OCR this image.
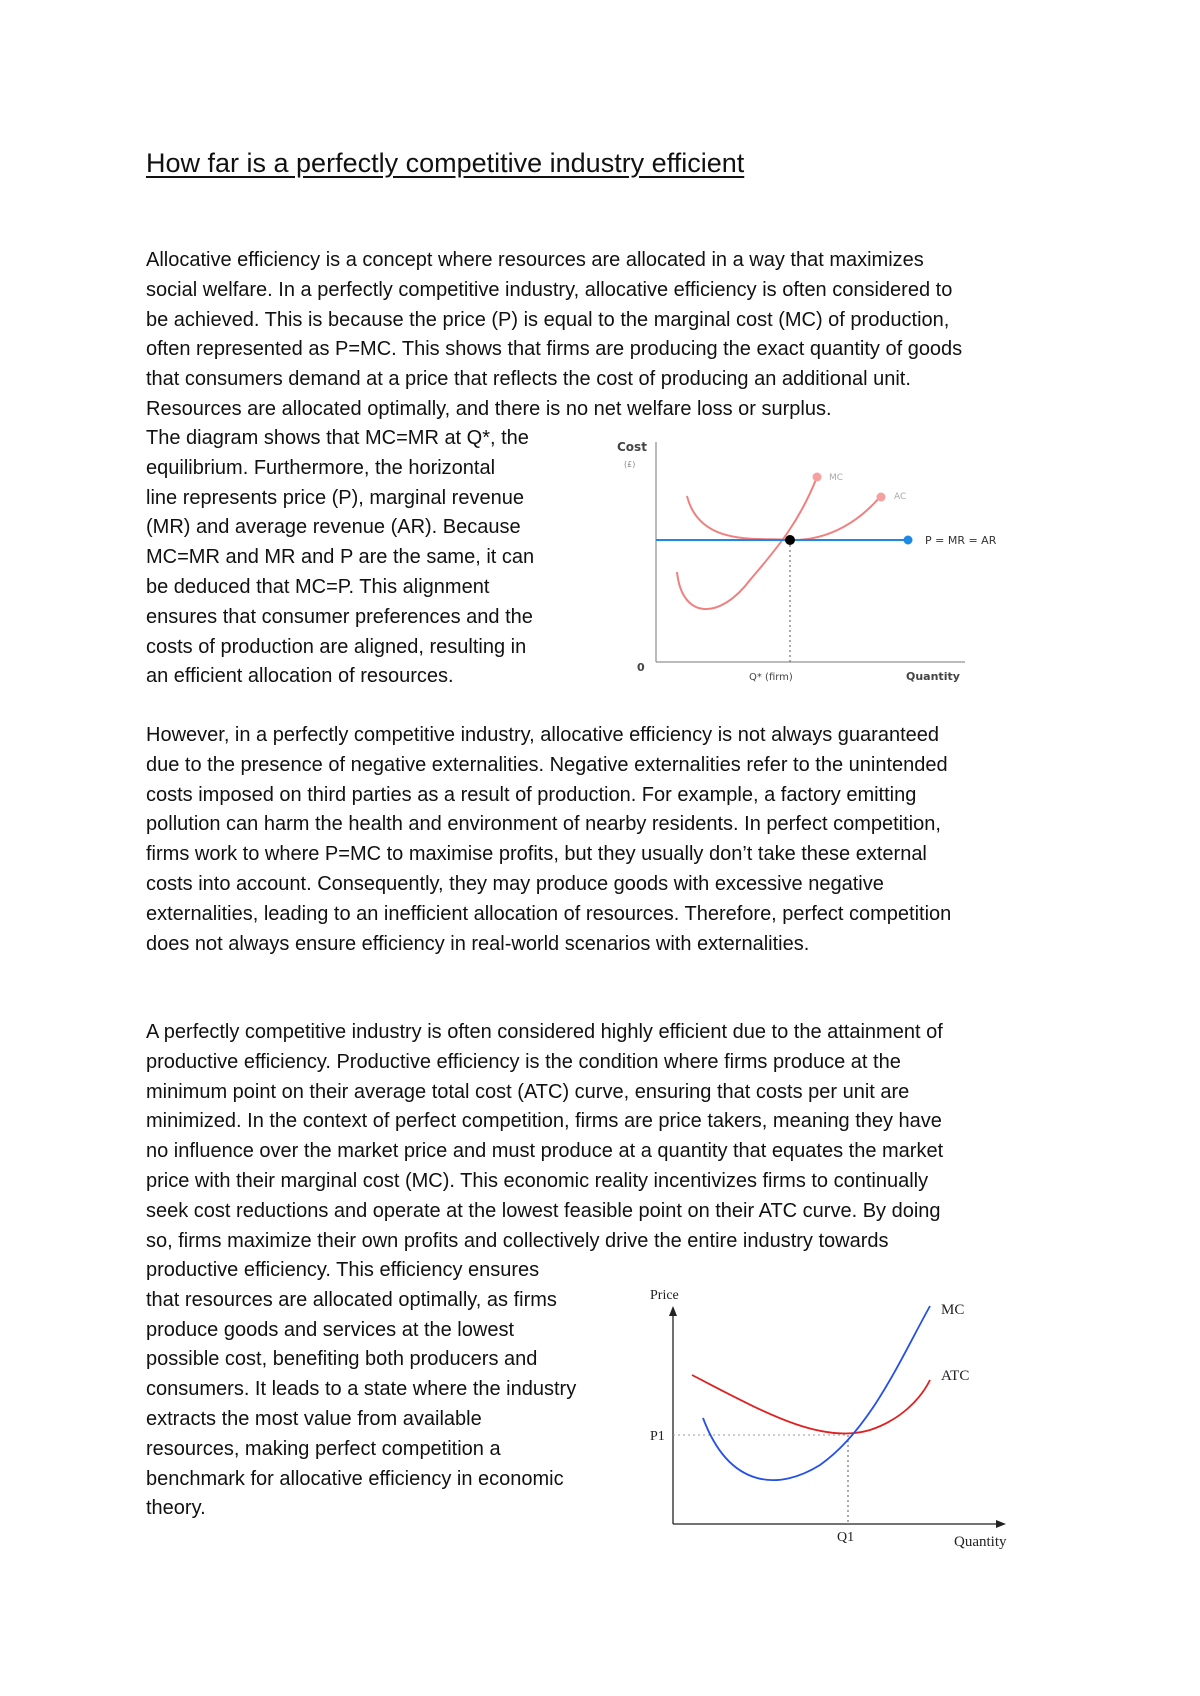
How far is a perfectly competitive industry efficient
Allocative efficiency is a concept where resources are allocated in a way that maximizes
social welfare. In a perfectly competitive industry, allocative efficiency is often considered to
be achieved. This is because the price (P) is equal to the marginal cost (MC) of production,
often represented as P=MC. This shows that firms are producing the exact quantity of goods
that consumers demand at a price that reflects the cost of producing an additional unit.
Resources are allocated optimally, and there is no net welfare loss or surplus.
The diagram shows that MC=MR at Q*, the
equilibrium. Furthermore, the horizontal
line represents price (P), marginal revenue
(MR) and average revenue (AR). Because
MC=MR and MR and P are the same, it can
be deduced that MC=P. This alignment
ensures that consumer preferences and the
costs of production are aligned, resulting in
an efficient allocation of resources.
However, in a perfectly competitive industry, allocative efficiency is not always guaranteed
due to the presence of negative externalities. Negative externalities refer to the unintended
costs imposed on third parties as a result of production. For example, a factory emitting
pollution can harm the health and environment of nearby residents. In perfect competition,
firms work to where P=MC to maximise profits, but they usually don’t take these external
costs into account. Consequently, they may produce goods with excessive negative
externalities, leading to an inefficient allocation of resources. Therefore, perfect competition
does not always ensure efficiency in real-world scenarios with externalities.
A perfectly competitive industry is often considered highly efficient due to the attainment of
productive efficiency. Productive efficiency is the condition where firms produce at the
minimum point on their average total cost (ATC) curve, ensuring that costs per unit are
minimized. In the context of perfect competition, firms are price takers, meaning they have
no influence over the market price and must produce at a quantity that equates the market
price with their marginal cost (MC). This economic reality incentivizes firms to continually
seek cost reductions and operate at the lowest feasible point on their ATC curve. By doing
so, firms maximize their own profits and collectively drive the entire industry towards
productive efficiency. This efficiency ensures
that resources are allocated optimally, as firms
produce goods and services at the lowest
possible cost, benefiting both producers and
consumers. It leads to a state where the industry
extracts the most value from available
resources, making perfect competition a
benchmark for allocative efficiency in economic
theory.
Cost
(£)
0
MC
AC
P = MR = AR
Q* (firm)	Quantity
Price
MC
ATC
P1
Q1	Quantity
